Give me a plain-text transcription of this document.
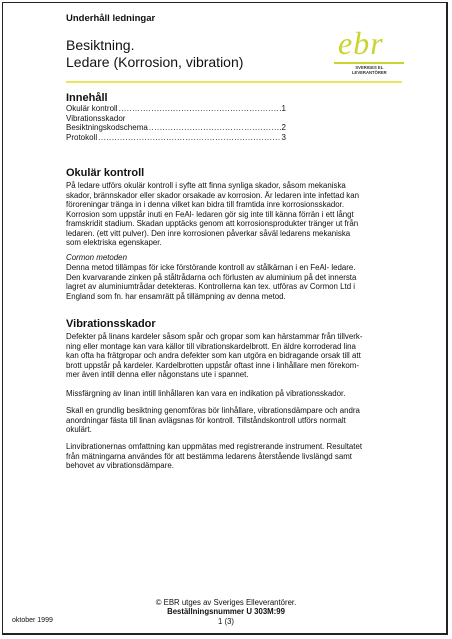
Underhåll ledningar
Besiktning.
Ledare (Korrosion, vibration)
ebr
SVERIGES EL
LEVERANTÖRER
Innehåll
Okulär kontroll .....	1
Vibrationsskador
Besiktningskodschema .....	2
Protokoll .....	3
Okulär kontroll

På ledare utförs okulär kontroll i syfte att finna synliga skador, såsom mekaniska
skador, brännskador eller skador orsakade av korrosion. Är ledaren inte infettad kan
föroreningar tränga in i denna vilket kan bidra till framtida inre korrosionsskador.
Korrosion som uppstår inuti en FeAl- ledaren gör sig inte till känna förrän i ett långt
framskridit stadium. Skadan upptäcks genom att korrosionsprodukter tränger ut från
ledaren. (ett vitt pulver). Den inre korrosionen påverkar såväl ledarens mekaniska
som elektriska egenskaper.

Cormon metoden

Denna metod tillämpas för icke förstörande kontroll av stålkärnan i en FeAl- ledare.
Den kvarvarande zinken på ståltrådarna och förlusten av aluminium på det innersta
lagret av aluminiumtrådar detekteras. Kontrollerna kan tex. utföras av Cormon Ltd i
England som fn. har ensamrätt på tillämpning av denna metod.

Vibrationsskador

Defekter på linans kardeler såsom spår och gropar som kan härstammar från tillverk-
ning eller montage kan vara källor till vibrationskardelbrott. En äldre korroderad lina
kan ofta ha frätgropar och andra defekter som kan utgöra en bidragande orsak till att
brott uppstår på kardeler. Kardelbrotten uppstår oftast inne i linhållare men förekom-
mer även intill denna eller någonstans ute i spannet.

Missfärgning av linan intill linhållaren kan vara en indikation på vibrationsskador.

Skall en grundlig besiktning genomföras bör linhållare, vibrationsdämpare och andra
anordningar fästa till linan avlägsnas för kontroll. Tillståndskontroll utförs normalt
okulärt.

Linvibrationernas omfattning kan uppmätas med registrerande instrument. Resultatet
från mätningarna användes för att bestämma ledarens återstående livslängd samt
behovet av vibrationsdämpare.

© EBR utges av Sveriges Elleverantörer.
Beställningsnummer U 303M:99
1 (3)
oktober 1999
